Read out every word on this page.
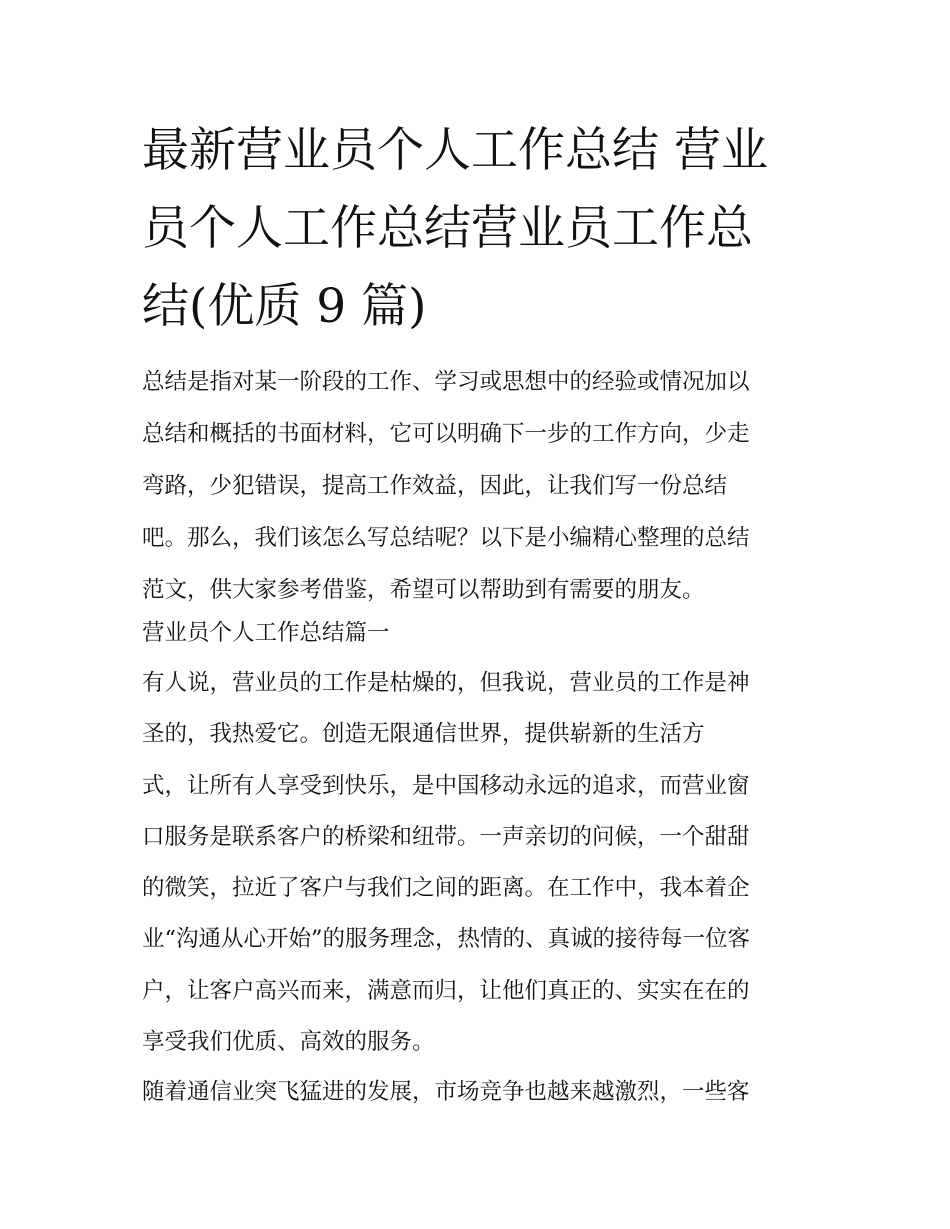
最新营业员个人工作总结 营业
员个人工作总结营业员工作总
结(优质 9 篇)

总结是指对某一阶段的工作、学习或思想中的经验或情况加以
总结和概括的书面材料，它可以明确下一步的工作方向，少走
弯路，少犯错误，提高工作效益，因此，让我们写一份总结
吧。那么，我们该怎么写总结呢？以下是小编精心整理的总结
范文，供大家参考借鉴，希望可以帮助到有需要的朋友。

营业员个人工作总结篇一

有人说，营业员的工作是枯燥的，但我说，营业员的工作是神
圣的，我热爱它。创造无限通信世界，提供崭新的生活方
式，让所有人享受到快乐，是中国移动永远的追求，而营业窗
口服务是联系客户的桥梁和纽带。一声亲切的问候，一个甜甜
的微笑，拉近了客户与我们之间的距离。在工作中，我本着企
业“沟通从心开始”的服务理念，热情的、真诚的接待每一位客
户，让客户高兴而来，满意而归，让他们真正的、实实在在的
享受我们优质、高效的服务。

随着通信业突飞猛进的发展，市场竞争也越来越激烈，一些客
